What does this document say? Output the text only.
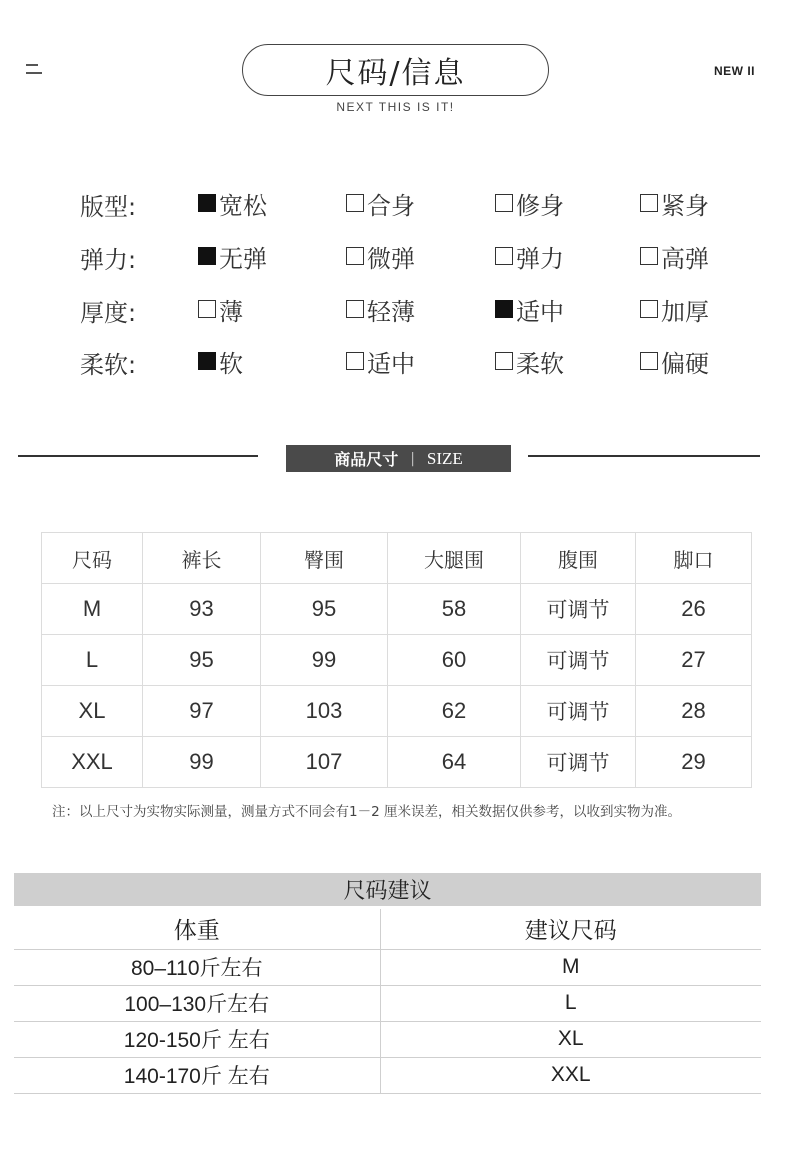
NEW II
尺码/信息
NEXT THIS IS IT!
版型:	宽松	合身	修身	紧身
弹力:	无弹	微弹	弹力	高弹
厚度:	薄	轻薄	适中	加厚
柔软:	软	适中	柔软	偏硬
商品尺寸 | SIZE
尺码	裤长	臀围	大腿围	腹围	脚口
M	93	95	58	可调节	26
L	95	99	60	可调节	27
XL	97	103	62	可调节	28
XXL	99	107	64	可调节	29
注：以上尺寸为实物实际测量，测量方式不同会有1－2 厘米误差，相关数据仅供参考，以收到实物为准。
尺码建议
体重	建议尺码
80–110斤左右	M
100–130斤左右	L
120-150斤 左右	XL
140-170斤 左右	XXL
